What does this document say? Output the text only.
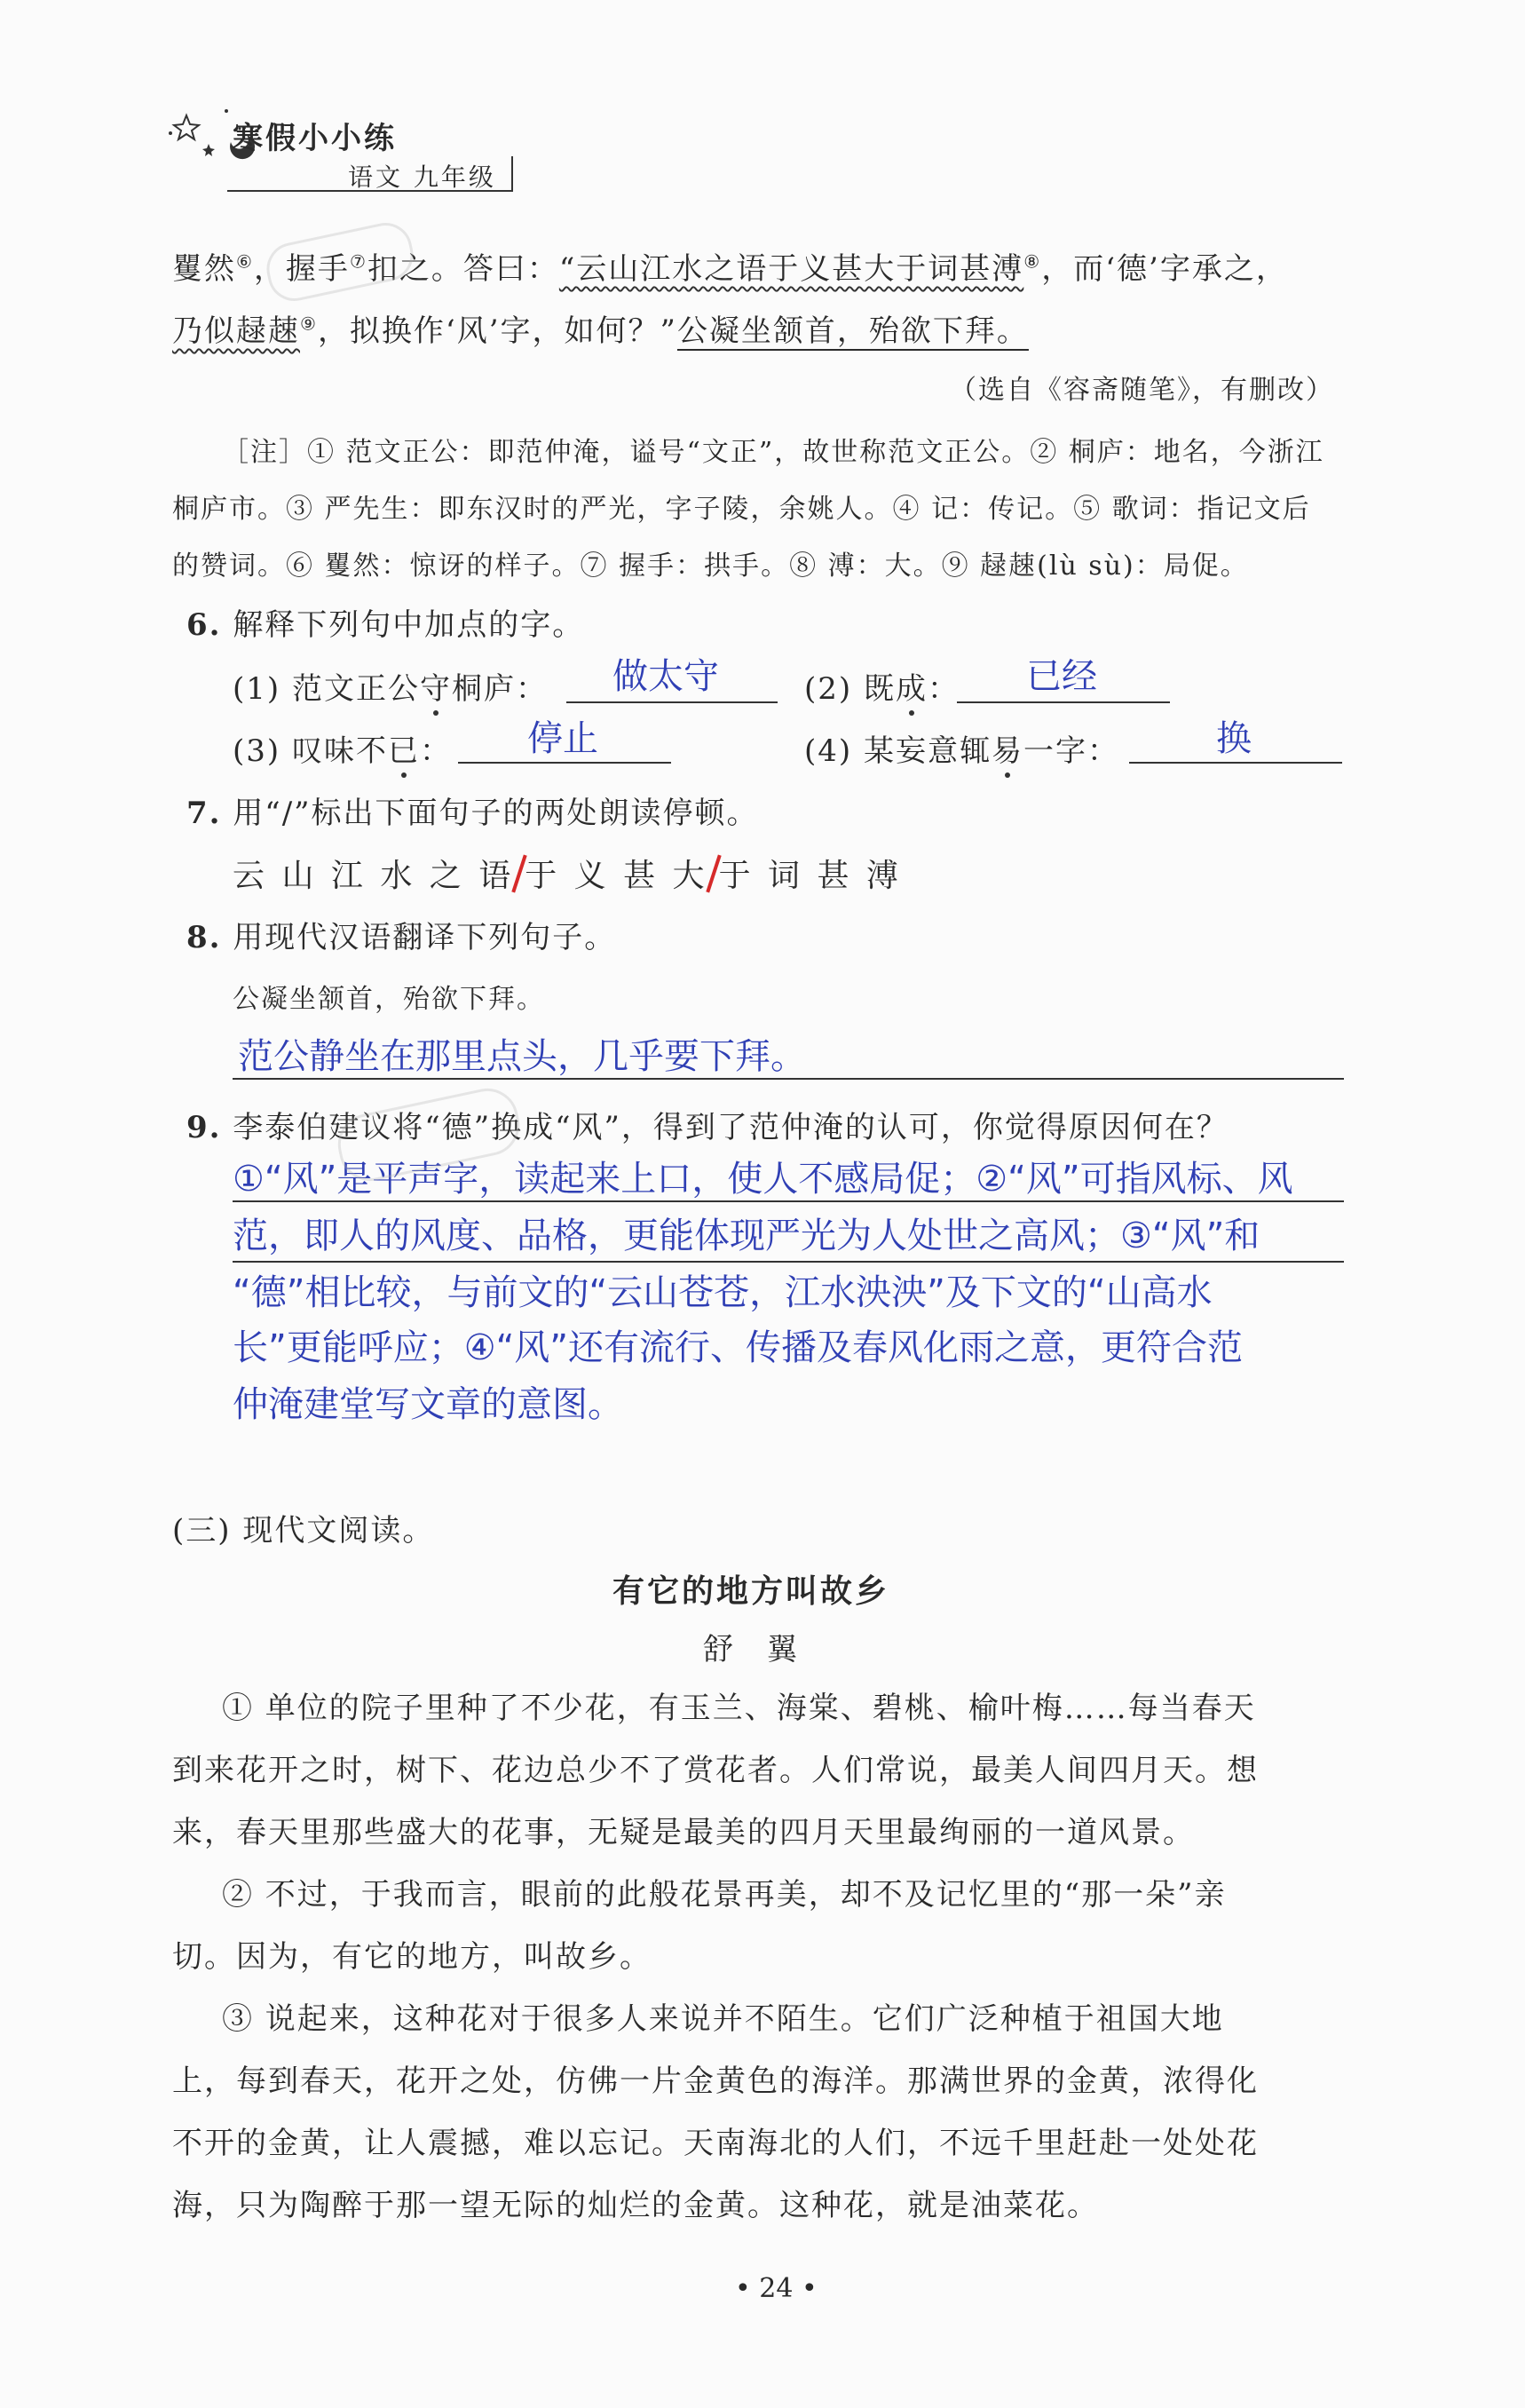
寒假小小练
语文 九年级
矍然⑥，握手⑦扣之。答曰：“云山江水之语于义甚大于词甚溥⑧，而‘德’字承之，
乃似趢趚⑨，拟换作‘风’字，如何？”公凝坐颔首，殆欲下拜。
（选自《容斋随笔》，有删改）
［注］① 范文正公：即范仲淹，谥号“文正”，故世称范文正公。② 桐庐：地名，今浙江
桐庐市。③ 严先生：即东汉时的严光，字子陵，余姚人。④ 记：传记。⑤ 歌词：指记文后
的赞词。⑥ 矍然：惊讶的样子。⑦ 握手：拱手。⑧ 溥：大。⑨ 趢趚(lù sù)：局促。
6. 解释下列句中加点的字。
(1) 范文正公守桐庐： 做太守	(2) 既成： 已经
(3) 叹味不已： 停止	(4) 某妄意辄易一字：	换
7. 用“/”标出下面句子的两处朗读停顿。
云 山 江 水 之 语 于 义 甚 大 于 词 甚 溥
8. 用现代汉语翻译下列句子。
公凝坐颔首，殆欲下拜。
范公静坐在那里点头，几乎要下拜。
9. 李泰伯建议将“德”换成“风”，得到了范仲淹的认可，你觉得原因何在？
①“风”是平声字，读起来上口，使人不感局促；②“风”可指风标、风
范，即人的风度、品格，更能体现严光为人处世之高风；③“风”和
“德”相比较，与前文的“云山苍苍，江水泱泱”及下文的“山高水
长”更能呼应；④“风”还有流行、传播及春风化雨之意，更符合范
仲淹建堂写文章的意图。
(三) 现代文阅读。
有它的地方叫故乡
舒　翼
① 单位的院子里种了不少花，有玉兰、海棠、碧桃、榆叶梅……每当春天
到来花开之时，树下、花边总少不了赏花者。人们常说，最美人间四月天。想
来，春天里那些盛大的花事，无疑是最美的四月天里最绚丽的一道风景。
② 不过，于我而言，眼前的此般花景再美，却不及记忆里的“那一朵”亲
切。因为，有它的地方，叫故乡。
③ 说起来，这种花对于很多人来说并不陌生。它们广泛种植于祖国大地
上，每到春天，花开之处，仿佛一片金黄色的海洋。那满世界的金黄，浓得化
不开的金黄，让人震撼，难以忘记。天南海北的人们，不远千里赶赴一处处花
海，只为陶醉于那一望无际的灿烂的金黄。这种花，就是油菜花。
• 24 •
